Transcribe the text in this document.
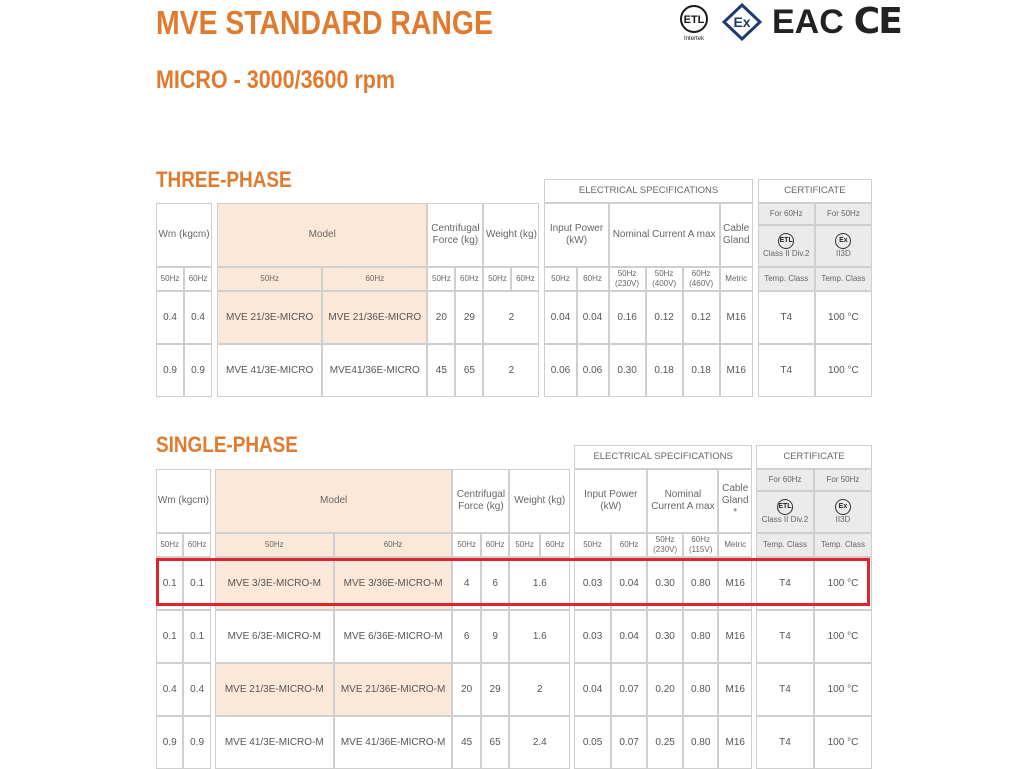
MVE STANDARD RANGE
MICRO - 3000/3600 rpm
ETL
Intertek
Ex EAC CE
THREE-PHASE
										ELECTRICAL SPECIFICATIONS							CERTIFICATE	
Wm (kgcm)			Model		Centrifugal Force (kg)		Weight (kg)			Input Power (kW)		Nominal Current A max			Cable Gland		For 60Hz	For 50Hz
																	ETL
Class II Div.2	Ex
II3D
50Hz	60Hz		50Hz	60Hz	50Hz	60Hz	50Hz	60Hz		50Hz	60Hz	50Hz (230V)	50Hz (400V)	60Hz (460V)	Metric		Temp. Class	Temp. Class
0.4	0.4		MVE 21/3E-MICRO	MVE 21/36E-MICRO	20	29	2			0.04	0.04	0.16	0.12	0.12	M16		T4	100 °C
0.9	0.9		MVE 41/3E-MICRO	MVE41/36E-MICRO	45	65	2			0.06	0.06	0.30	0.18	0.18	M16		T4	100 °C
SINGLE-PHASE
										ELECTRICAL SPECIFICATIONS						CERTIFICATE	
Wm (kgcm)			Model		Centrifugal Force (kg)		Weight (kg)			Input Power (kW)		Nominal Current A max		Cable Gland *		For 60Hz	For 50Hz
																ETL
Class II Div.2	Ex
II3D
50Hz	60Hz		50Hz	60Hz	50Hz	60Hz	50Hz	60Hz		50Hz	60Hz	50Hz (230V)	60Hz (115V)	Metric		Temp. Class	Temp. Class
0.1	0.1		MVE 3/3E-MICRO-M	MVE 3/36E-MICRO-M	4	6	1.6			0.03	0.04	0.30	0.80	M16		T4	100 °C
0.1	0.1		MVE 6/3E-MICRO-M	MVE 6/36E-MICRO-M	6	9	1.6			0.03	0.04	0.30	0.80	M16		T4	100 °C
0.4	0.4		MVE 21/3E-MICRO-M	MVE 21/36E-MICRO-M	20	29	2			0.04	0.07	0.20	0.80	M16		T4	100 °C
0.9	0.9		MVE 41/3E-MICRO-M	MVE 41/36E-MICRO-M	45	65	2.4			0.05	0.07	0.25	0.80	M16		T4	100 °C
